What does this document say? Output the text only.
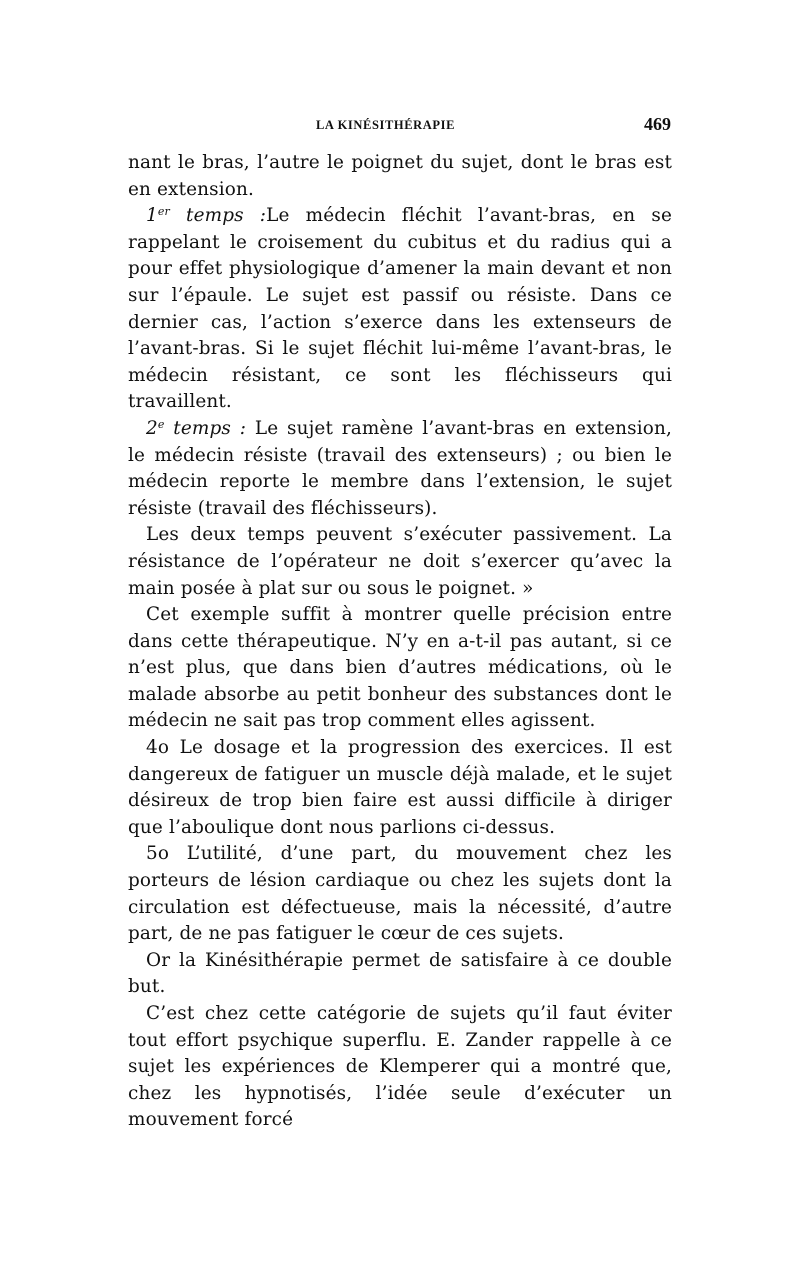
LA KINÉSITHÉRAPIE	469

nant le bras, l’autre le poignet du sujet, dont le bras est en extension.

1er temps :Le médecin fléchit l’avant-bras, en se rappelant le croisement du cubitus et du radius qui a pour effet physiologique d’amener la main devant et non sur l’épaule. Le sujet est passif ou résiste. Dans ce dernier cas, l’action s’exerce dans les extenseurs de l’avant-bras. Si le sujet fléchit lui-même l’avant-bras, le médecin résistant, ce sont les fléchisseurs qui travaillent.

2e temps : Le sujet ramène l’avant-bras en extension, le médecin résiste (travail des extenseurs) ; ou bien le médecin reporte le membre dans l’extension, le sujet résiste (travail des fléchisseurs).

Les deux temps peuvent s’exécuter passivement. La résistance de l’opérateur ne doit s’exercer qu’avec la main posée à plat sur ou sous le poignet. »

Cet exemple suffit à montrer quelle précision entre dans cette thérapeutique. N’y en a-t-il pas autant, si ce n’est plus, que dans bien d’autres médications, où le malade absorbe au petit bonheur des substances dont le médecin ne sait pas trop comment elles agissent.

4o Le dosage et la progression des exercices. Il est dangereux de fatiguer un muscle déjà malade, et le sujet désireux de trop bien faire est aussi difficile à diriger que l’aboulique dont nous parlions ci-dessus.

5o L’utilité, d’une part, du mouvement chez les porteurs de lésion cardiaque ou chez les sujets dont la circulation est défectueuse, mais la nécessité, d’autre part, de ne pas fatiguer le cœur de ces sujets.

Or la Kinésithérapie permet de satisfaire à ce double but.

C’est chez cette catégorie de sujets qu’il faut éviter tout effort psychique superflu. E. Zander rappelle à ce sujet les expériences de Klemperer qui a montré que, chez les hypnotisés, l’idée seule d’exécuter un mouvement forcé
